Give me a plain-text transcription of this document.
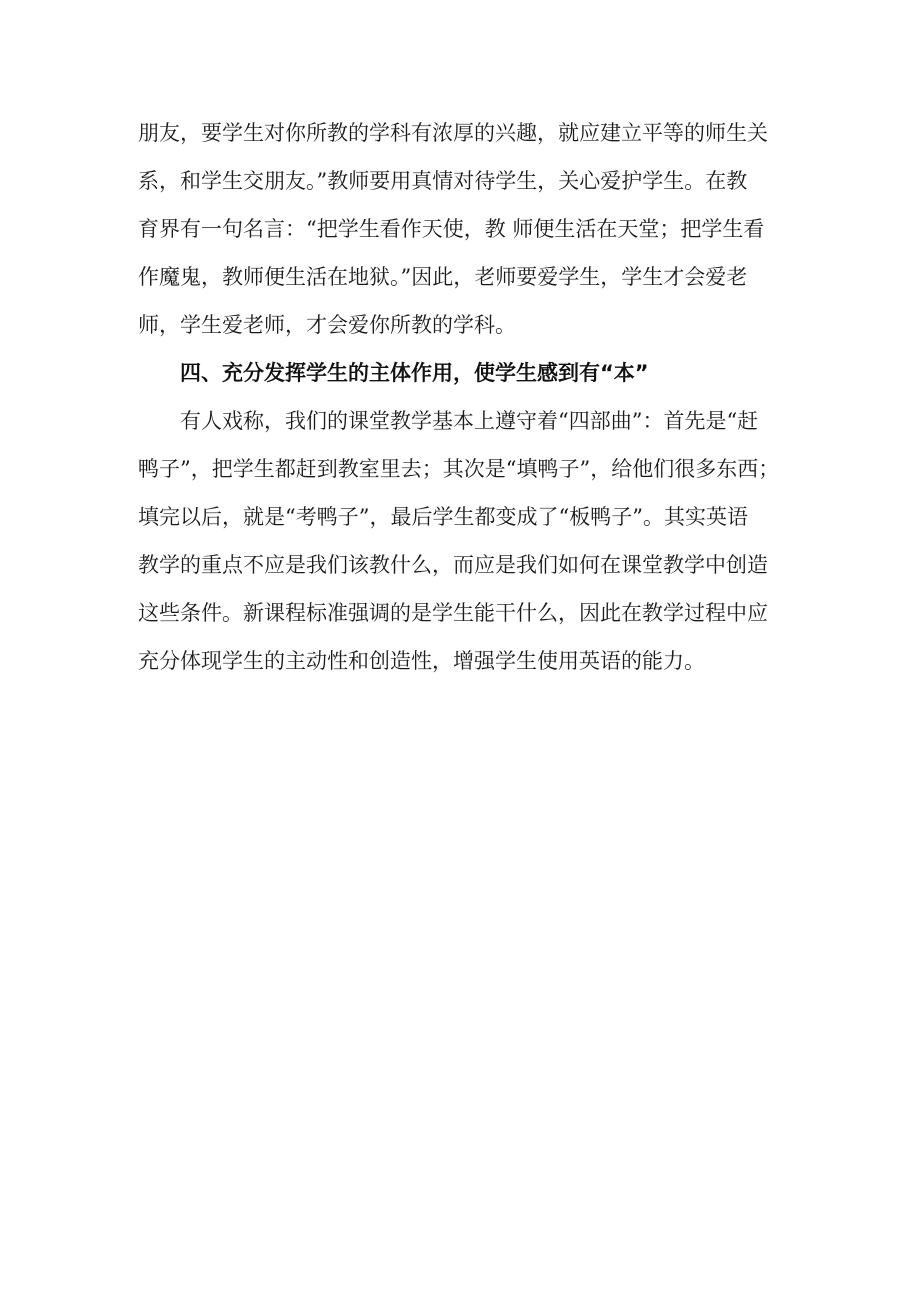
朋友，要学生对你所教的学科有浓厚的兴趣，就应建立平等的师生关
系，和学生交朋友。”教师要用真情对待学生，关心爱护学生。在教
育界有一句名言：“把学生看作天使，教 师便生活在天堂；把学生看
作魔鬼，教师便生活在地狱。”因此，老师要爱学生，学生才会爱老
师，学生爱老师，才会爱你所教的学科。
四、充分发挥学生的主体作用，使学生感到有“本”
有人戏称，我们的课堂教学基本上遵守着“四部曲”：首先是“赶
鸭子”，把学生都赶到教室里去；其次是“填鸭子”，给他们很多东西；
填完以后，就是“考鸭子”，最后学生都变成了“板鸭子”。其实英语
教学的重点不应是我们该教什么，而应是我们如何在课堂教学中创造
这些条件。新课程标准强调的是学生能干什么，因此在教学过程中应
充分体现学生的主动性和创造性，增强学生使用英语的能力。
